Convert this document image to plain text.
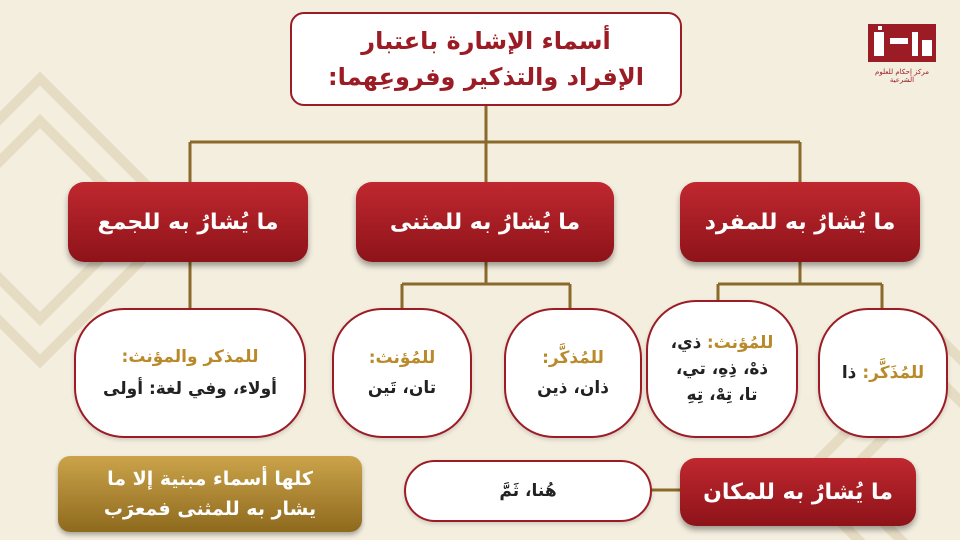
أسماء الإشارة باعتبار
الإفراد والتذكير وفروعِهما:	مركز إحكام للعلوم الشرعية
ما يُشارُ به للمفرد
ما يُشارُ به للمثنى
ما يُشارُ به للجمع
للمُذَكَّر:
ذا
للمُؤنث: ذي،
ذهْ، ذِهِ، تي،
تا، تِهْ، تِهِ
للمُذكَّر:
ذان، ذين
للمُؤنث:
تان، تَين
للمذكر والمؤنث:
أولاء، وفي لغة: أولى
ما يُشارُ به للمكان
هُنا، ثَمَّ
كلها أسماء مبنية إلا ما
يشار به للمثنى فمعرَب
